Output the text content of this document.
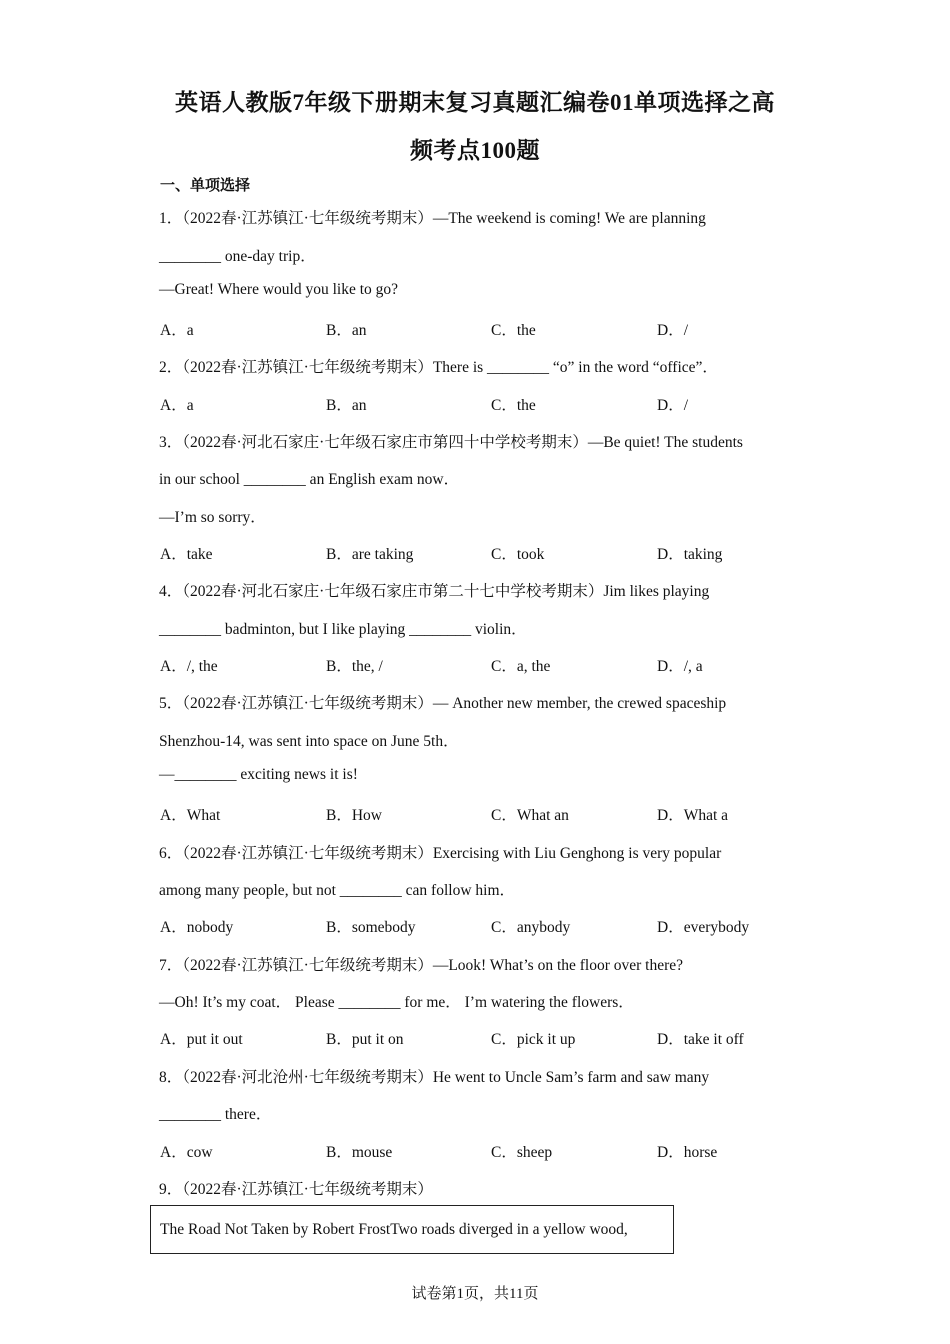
英语人教版7年级下册期末复习真题汇编卷01单项选择之高
频考点100题
一、单项选择
1．（2022春·江苏镇江·七年级统考期末）—The weekend is coming! We are planning
________ one-day trip．
—Great! Where would you like to go?
A．a	B．an	C．the	D．/
2．（2022春·江苏镇江·七年级统考期末）There is ________ “o” in the word “office”．
A．a	B．an	C．the	D．/
3．（2022春·河北石家庄·七年级石家庄市第四十中学校考期末）—Be quiet! The students
in our school ________ an English exam now．
—I’m so sorry．
A．take	B．are taking	C．took	D．taking
4．（2022春·河北石家庄·七年级石家庄市第二十七中学校考期末）Jim likes playing
________ badminton, but I like playing ________ violin．
A．/, the	B．the, /	C．a, the	D．/, a
5．（2022春·江苏镇江·七年级统考期末）— Another new member, the crewed spaceship
Shenzhou-14, was sent into space on June 5th．
—________ exciting news it is!
A．What	B．How	C．What an	D．What a
6．（2022春·江苏镇江·七年级统考期末）Exercising with Liu Genghong is very popular
among many people, but not ________ can follow him．
A．nobody	B．somebody	C．anybody	D．everybody
7．（2022春·江苏镇江·七年级统考期末）—Look! What’s on the floor over there?
—Oh! It’s my coat． Please ________ for me． I’m watering the flowers．
A．put it out	B．put it on	C．pick it up	D．take it off
8．（2022春·河北沧州·七年级统考期末）He went to Uncle Sam’s farm and saw many
________ there．
A．cow	B．mouse	C．sheep	D．horse
9．（2022春·江苏镇江·七年级统考期末）
The Road Not Taken by Robert FrostTwo roads diverged in a yellow wood,
试卷第1页，共11页
